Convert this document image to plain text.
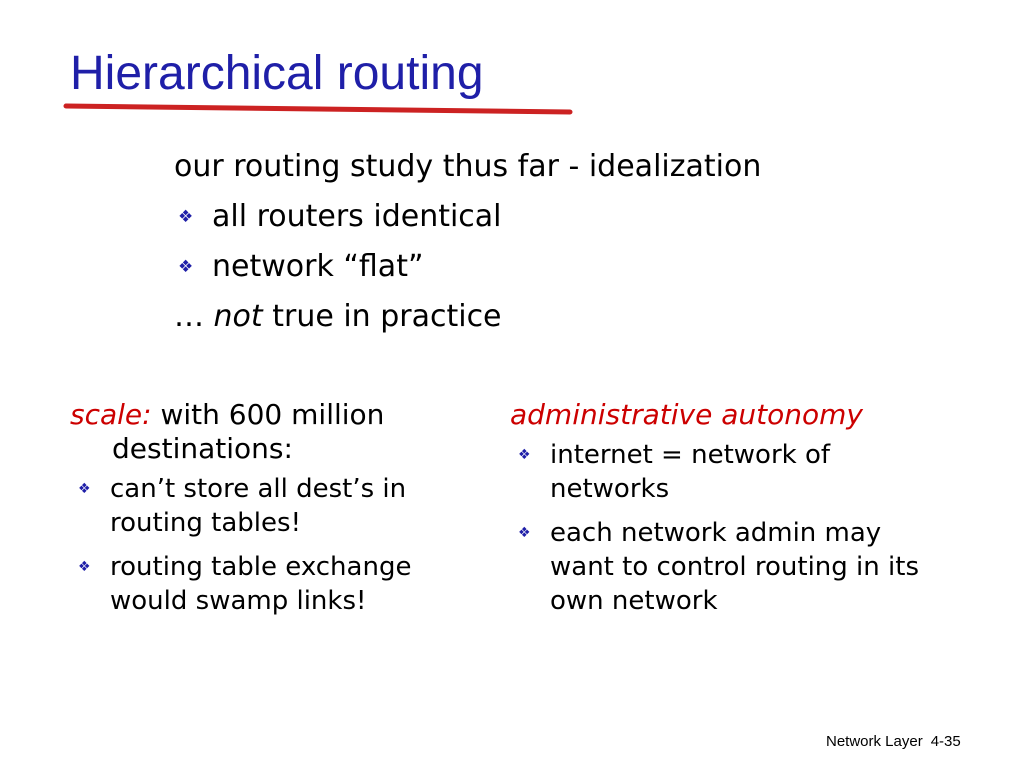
Hierarchical routing
our routing study thus far - idealization
❖ all routers identical
❖ network “flat”
… not true in practice
scale: with 600 million
destinations:
❖ can’t store all dest’s in routing tables!
❖ routing table exchange would swamp links!
administrative autonomy
❖ internet = network of networks
❖ each network admin may want to control routing in its own network
Network Layer 4-35
